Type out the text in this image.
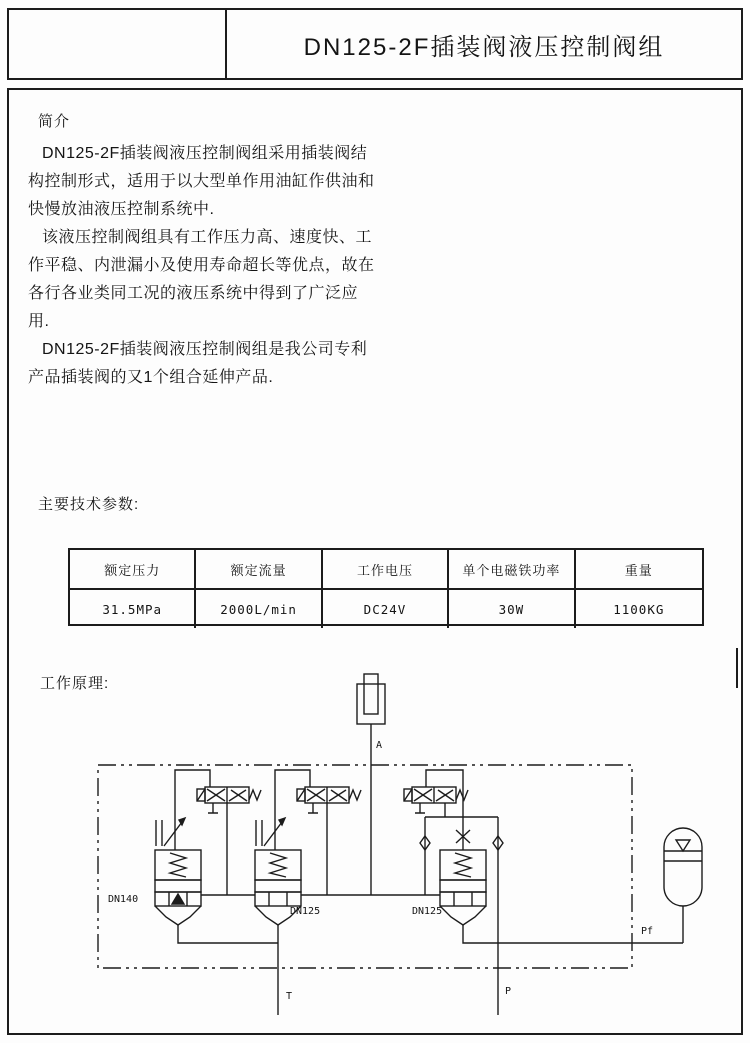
DN125-2F插装阀液压控制阀组
简介
DN125-2F插装阀液压控制阀组采用插装阀结
构控制形式，适用于以大型单作用油缸作供油和
快慢放油液压控制系统中.
该液压控制阀组具有工作压力高、速度快、工
作平稳、内泄漏小及使用寿命超长等优点，故在
各行各业类同工况的液压系统中得到了广泛应
用.
DN125-2F插装阀液压控制阀组是我公司专利
产品插装阀的又1个组合延伸产品.
主要技术参数:
额定压力	额定流量	工作电压	单个电磁铁功率	重量
31.5MPa	2000L/min	DC24V	30W	1100KG
工作原理:
A
DN140
DN125
T	P
DN125
Pf
